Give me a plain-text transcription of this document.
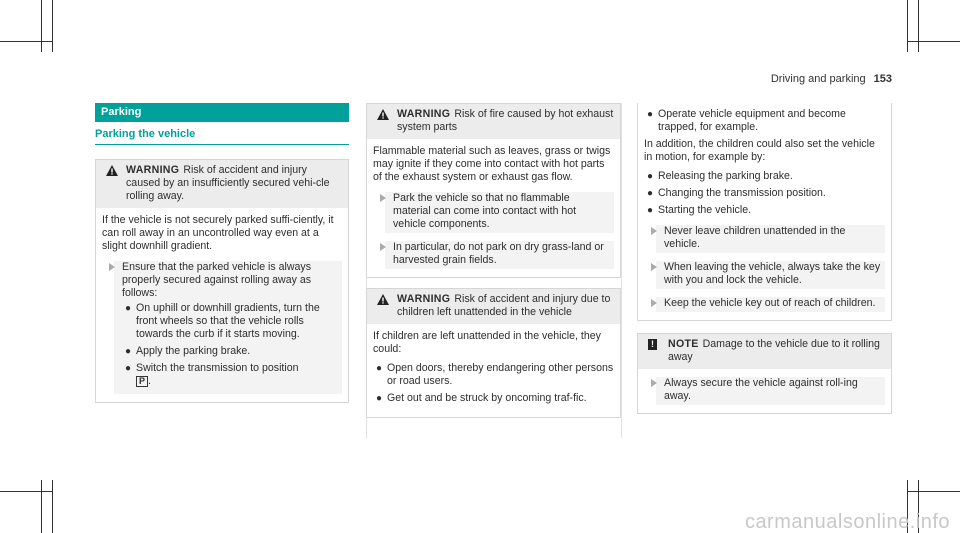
Driving and parking 153
Parking
Parking the vehicle
WARNING Risk of accident and injury caused by an insufficiently secured vehi-cle rolling away.

If the vehicle is not securely parked suffi-ciently, it can roll away in an uncontrolled way even at a slight downhill gradient.

Ensure that the parked vehicle is always properly secured against rolling away as follows:
● On uphill or downhill gradients, turn the front wheels so that the vehicle rolls towards the curb if it starts moving.
● Apply the parking brake.
● Switch the transmission to position
P .
WARNING Risk of fire caused by hot exhaust system parts

Flammable material such as leaves, grass or twigs may ignite if they come into contact with hot parts of the exhaust system or exhaust gas flow.

Park the vehicle so that no flammable material can come into contact with hot vehicle components.
In particular, do not park on dry grass-land or harvested grain fields.
WARNING Risk of accident and injury due to children left unattended in the vehicle

If children are left unattended in the vehicle, they could:

● Open doors, thereby endangering other persons or road users.
● Get out and be struck by oncoming traf-fic.
● Operate vehicle equipment and become trapped, for example.

In addition, the children could also set the vehicle in motion, for example by:

● Releasing the parking brake.
● Changing the transmission position.
● Starting the vehicle.
Never leave children unattended in the vehicle.
When leaving the vehicle, always take the key with you and lock the vehicle.
Keep the vehicle key out of reach of children.
! NOTE Damage to the vehicle due to it rolling away
Always secure the vehicle against roll-ing away.
carmanualsonline.info
